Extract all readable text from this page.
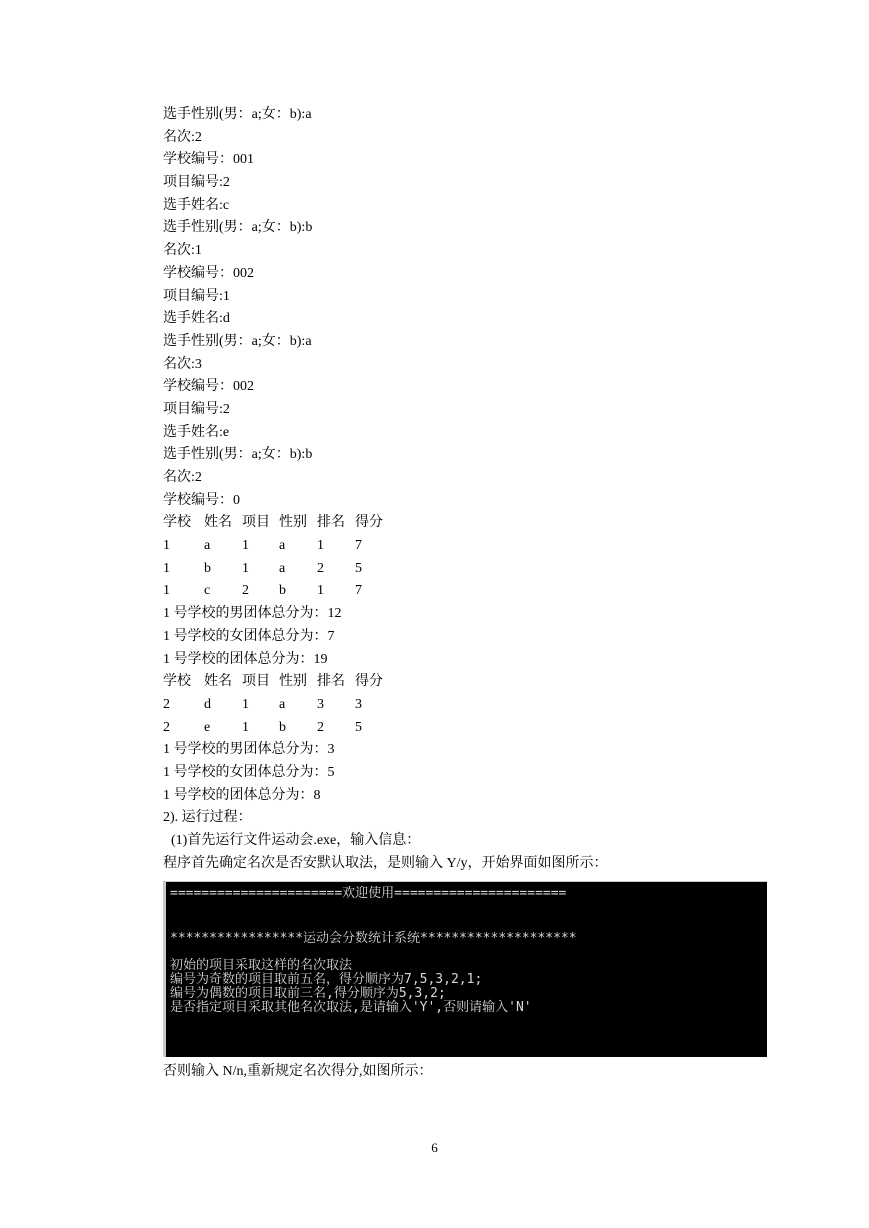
选手性别(男：a;女：b):a
名次:2
学校编号：001
项目编号:2
选手姓名:c
选手性别(男：a;女：b):b
名次:1
学校编号：002
项目编号:1
选手姓名:d
选手性别(男：a;女：b):a
名次:3
学校编号：002
项目编号:2
选手姓名:e
选手性别(男：a;女：b):b
名次:2
学校编号：0
学校 姓名 项目 性别 排名 得分
1	a	1	a	1	7
1	b	1	a	2	5
1	c	2	b	1	7
1 号学校的男团体总分为：12
1 号学校的女团体总分为：7
1 号学校的团体总分为：19
学校 姓名 项目 性别 排名 得分
2	d	1	a	3	3
2	e	1	b	2	5
1 号学校的男团体总分为：3
1 号学校的女团体总分为：5
1 号学校的团体总分为：8
2). 运行过程：
(1)首先运行文件运动会.exe，输入信息：
程序首先确定名次是否安默认取法，是则输入 Y/y，开始界面如图所示：
======================欢迎使用======================
*****************运动会分数统计系统********************
初始的项目采取这样的名次取法
编号为奇数的项目取前五名，得分顺序为7,5,3,2,1;
编号为偶数的项目取前三名,得分顺序为5,3,2;
是否指定项目采取其他名次取法,是请输入'Y',否则请输入'N'
否则输入 N/n,重新规定名次得分,如图所示：
6
